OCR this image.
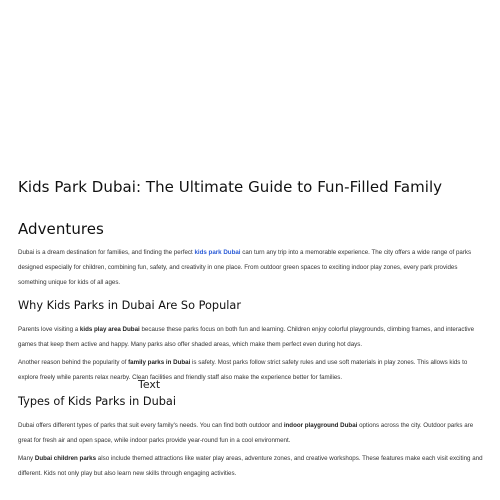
Kids Park Dubai: The Ultimate Guide to Fun-Filled Family
Adventures

Dubai is a dream destination for families, and finding the perfect kids park Dubai can turn any trip into a memorable experience. The city offers a wide range of parks designed especially for children, combining fun, safety, and creativity in one place. From outdoor green spaces to exciting indoor play zones, every park provides something unique for kids of all ages.

Why Kids Parks in Dubai Are So Popular

Parents love visiting a kids play area Dubai because these parks focus on both fun and learning. Children enjoy colorful playgrounds, climbing frames, and interactive games that keep them active and happy. Many parks also offer shaded areas, which make them perfect even during hot days.

Another reason behind the popularity of family parks in Dubai is safety. Most parks follow strict safety rules and use soft materials in play zones. This allows kids to explore freely while parents relax nearby. Clean facilities and friendly staff also make the experience better for families.

Types of Kids Parks in Dubai

Dubai offers different types of parks that suit every family's needs. You can find both outdoor and indoor playground Dubai options across the city. Outdoor parks are great for fresh air and open space, while indoor parks provide year-round fun in a cool environment.

Many Dubai children parks also include themed attractions like water play areas, adventure zones, and creative workshops. These features make each visit exciting and different. Kids not only play but also learn new skills through engaging activities.

Text
